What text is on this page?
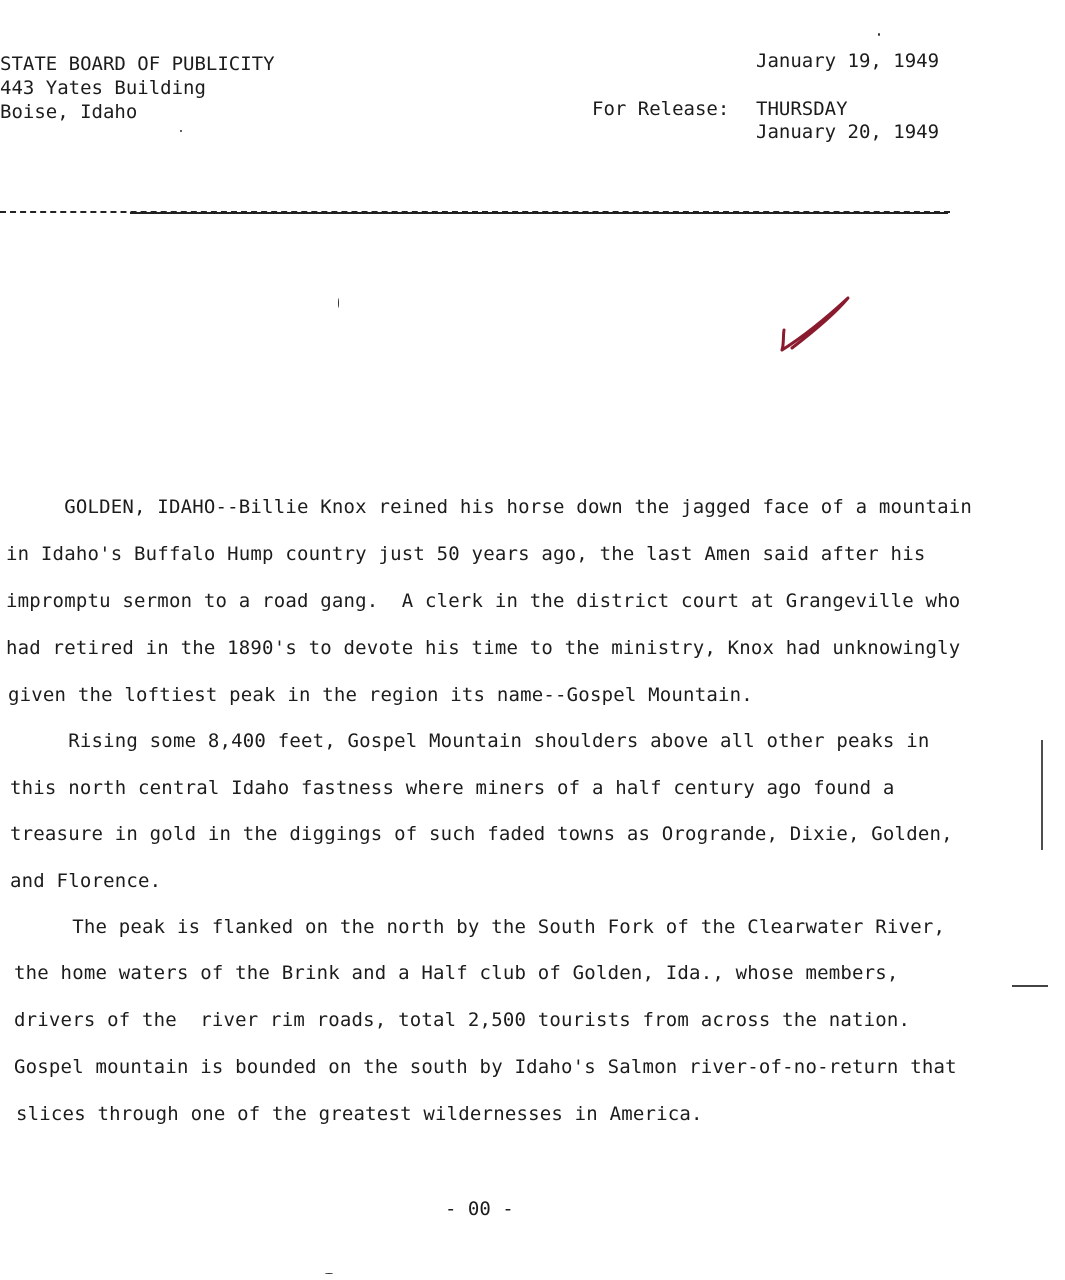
STATE BOARD OF PUBLICITY
443 Yates Building
Boise, Idaho
January 19, 1949
For Release: THURSDAY
January 20, 1949
GOLDEN, IDAHO--Billie Knox reined his horse down the jagged face of a mountain
in Idaho's Buffalo Hump country just 50 years ago, the last Amen said after his
impromptu sermon to a road gang.  A clerk in the district court at Grangeville who
had retired in the 1890's to devote his time to the ministry, Knox had unknowingly
given the loftiest peak in the region its name--Gospel Mountain.
Rising some 8,400 feet, Gospel Mountain shoulders above all other peaks in
this north central Idaho fastness where miners of a half century ago found a
treasure in gold in the diggings of such faded towns as Orogrande, Dixie, Golden,
and Florence.
The peak is flanked on the north by the South Fork of the Clearwater River,
the home waters of the Brink and a Half club of Golden, Ida., whose members,
drivers of the  river rim roads, total 2,500 tourists from across the nation.
Gospel mountain is bounded on the south by Idaho's Salmon river-of-no-return that
slices through one of the greatest wildernesses in America.
- 00 -
